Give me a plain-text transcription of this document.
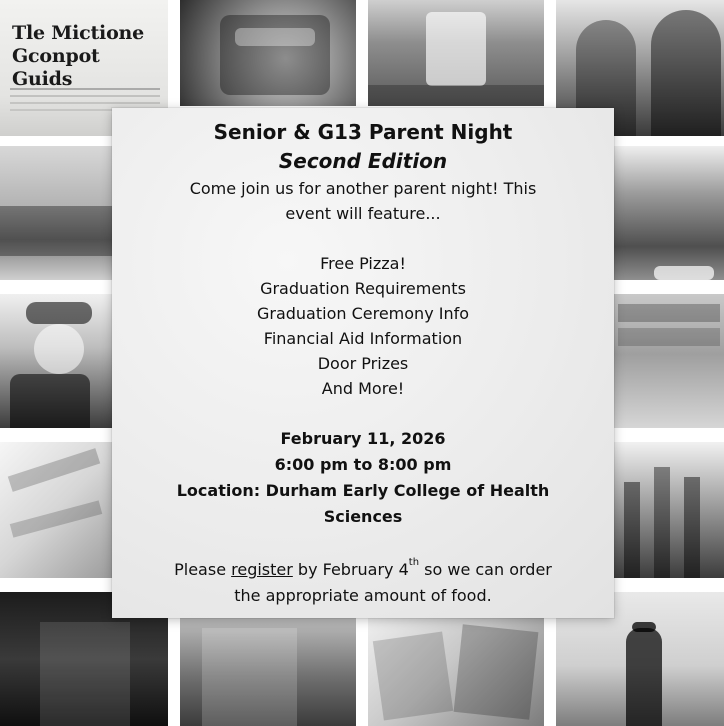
Tle Mictione
Gconpot Guids
Senior & G13 Parent Night
Second Edition
Come join us for another parent night! This
event will feature...
Free Pizza!
Graduation Requirements
Graduation Ceremony Info
Financial Aid Information
Door Prizes
And More!
February 11, 2026
6:00 pm to 8:00 pm
Location: Durham Early College of Health
Sciences
Please register by February 4th so we can order
the appropriate amount of food.
